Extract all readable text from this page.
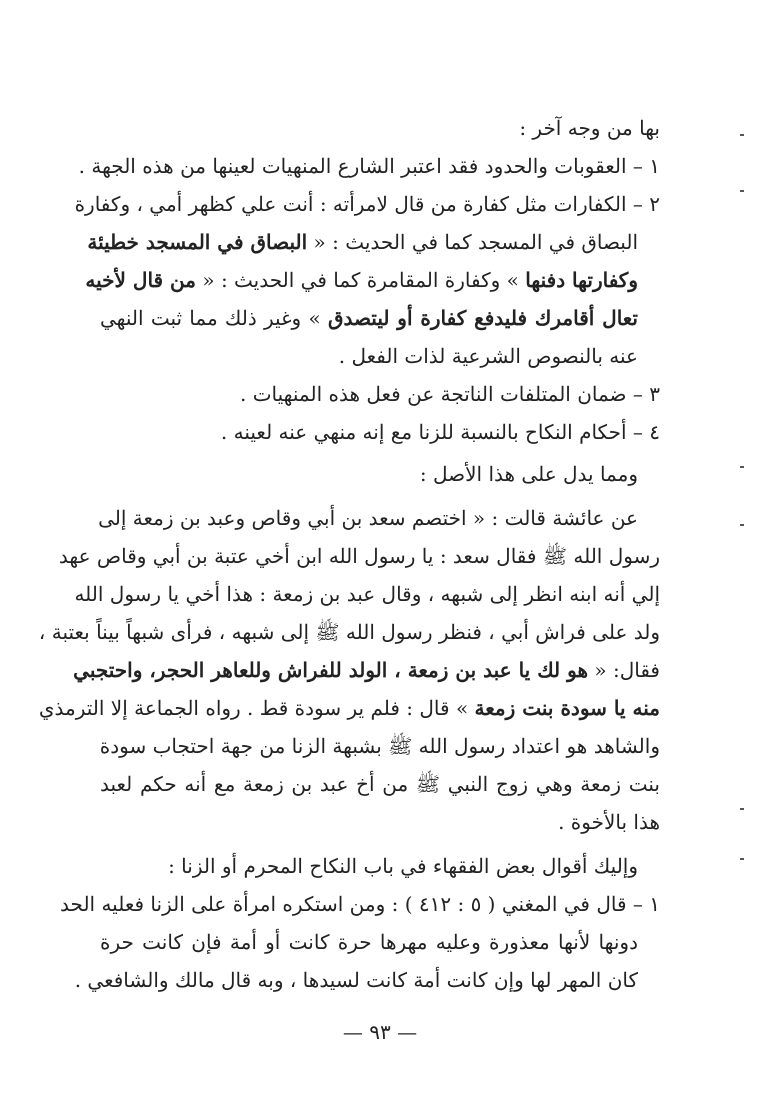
بها من وجه آخر :
١ – العقوبات والحدود فقد اعتبر الشارع المنهيات لعينها من هذه الجهة .
٢ – الكفارات مثل كفارة من قال لامرأته : أنت علي كظهر أمي ، وكفارة
البصاق في المسجد كما في الحديث : « البصاق في المسجد خطيئة
وكفارتها دفنها » وكفارة المقامرة كما في الحديث : « من قال لأخيه
تعال أقامرك فليدفع كفارة أو ليتصدق » وغير ذلك مما ثبت النهي
عنه بالنصوص الشرعية لذات الفعل .
٣ – ضمان المتلفات الناتجة عن فعل هذه المنهيات .
٤ – أحكام النكاح بالنسبة للزنا مع إنه منهي عنه لعينه .
ومما يدل على هذا الأصل :
عن عائشة قالت : « اختصم سعد بن أبي وقاص وعبد بن زمعة إلى
رسول الله ﷺ فقال سعد : يا رسول الله ابن أخي عتبة بن أبي وقاص عهد
إلي أنه ابنه انظر إلى شبهه ، وقال عبد بن زمعة : هذا أخي يا رسول الله
ولد على فراش أبي ، فنظر رسول الله ﷺ إلى شبهه ، فرأى شبهاً بيناً بعتبة ،
فقال: « هو لك يا عبد بن زمعة ، الولد للفراش وللعاهر الحجر، واحتجبي
منه يا سودة بنت زمعة » قال : فلم ير سودة قط . رواه الجماعة إلا الترمذي
والشاهد هو اعتداد رسول الله ﷺ بشبهة الزنا من جهة احتجاب سودة
بنت زمعة وهي زوج النبي ﷺ من أخ عبد بن زمعة مع أنه حكم لعبد
هذا بالأخوة .
وإليك أقوال بعض الفقهاء في باب النكاح المحرم أو الزنا :
١ – قال في المغني ( ٥ : ٤١٢ ) : ومن استكره امرأة على الزنا فعليه الحد
دونها لأنها معذورة وعليه مهرها حرة كانت أو أمة فإن كانت حرة
كان المهر لها وإن كانت أمة كانت لسيدها ، وبه قال مالك والشافعي .
— ٩٣ —
